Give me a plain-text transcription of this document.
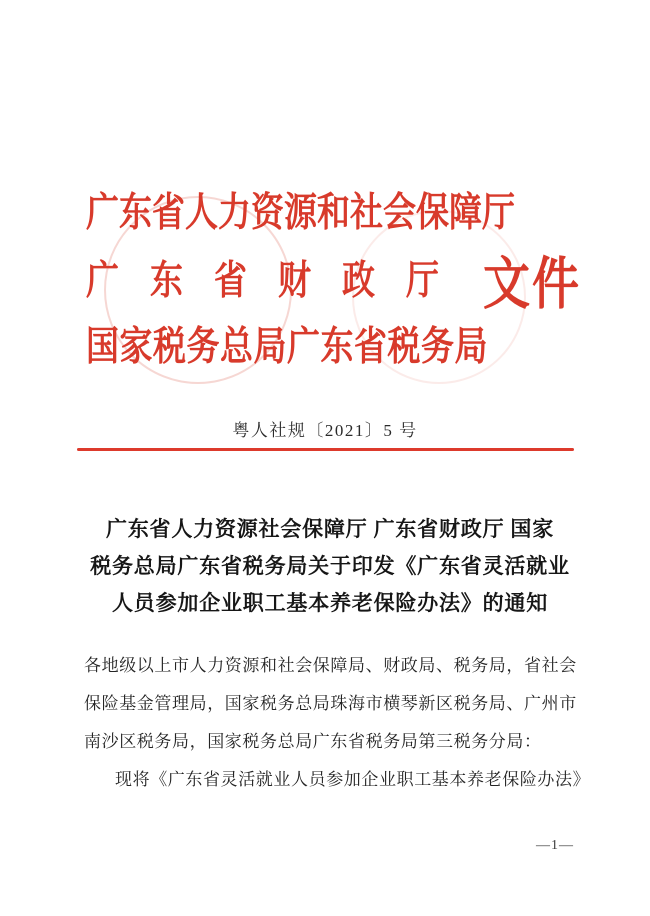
广东省人力资源和社会保障厅
广东省财政厅 文件
国家税务总局广东省税务局
粤人社规〔2021〕5 号
广东省人力资源社会保障厅 广东省财政厅 国家
税务总局广东省税务局关于印发《广东省灵活就业
人员参加企业职工基本养老保险办法》的通知
各地级以上市人力资源和社会保障局、财政局、税务局，省社会
保险基金管理局，国家税务总局珠海市横琴新区税务局、广州市
南沙区税务局，国家税务总局广东省税务局第三税务分局：
现将《广东省灵活就业人员参加企业职工基本养老保险办法》
—1—
